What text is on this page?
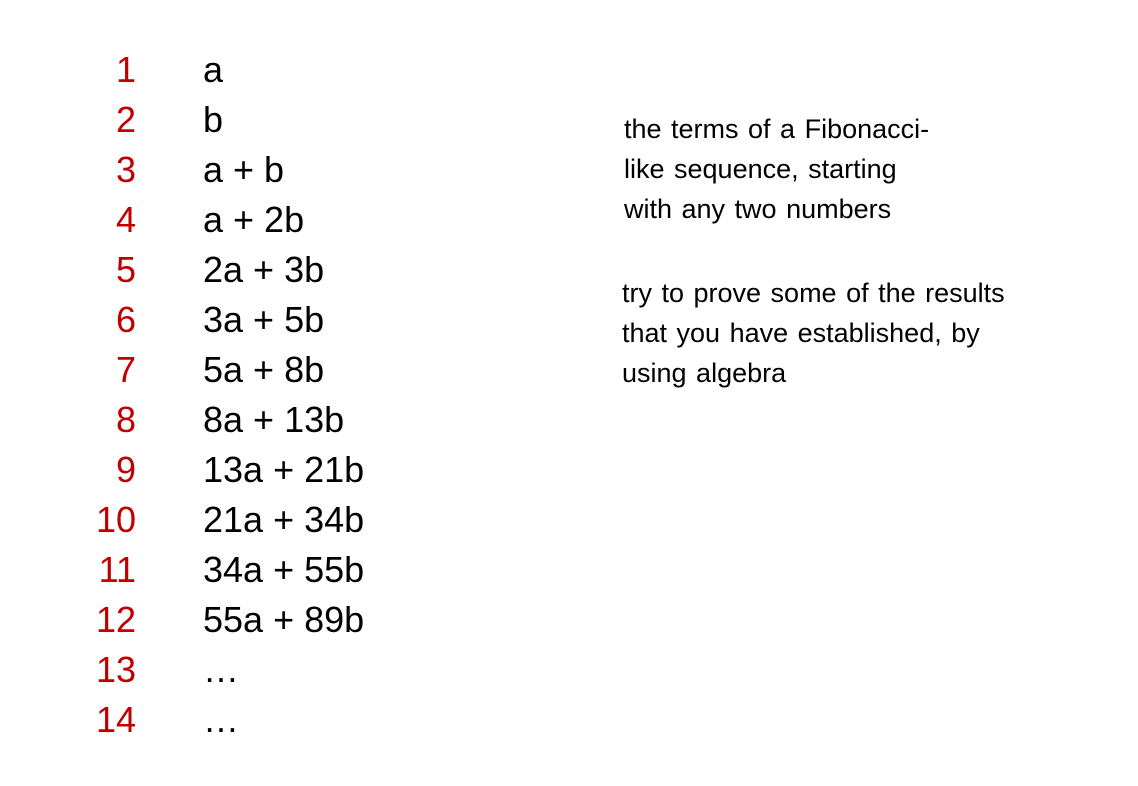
1 a
2 b
3 a + b
4 a + 2b
5 2a + 3b
6 3a + 5b
7 5a + 8b
8 8a + 13b
9 13a + 21b
10 21a + 34b
11 34a + 55b
12 55a + 89b
13 …
14 …

the terms of a Fibonacci-
like sequence, starting
with any two numbers

try to prove some of the results
that you have established, by
using algebra
